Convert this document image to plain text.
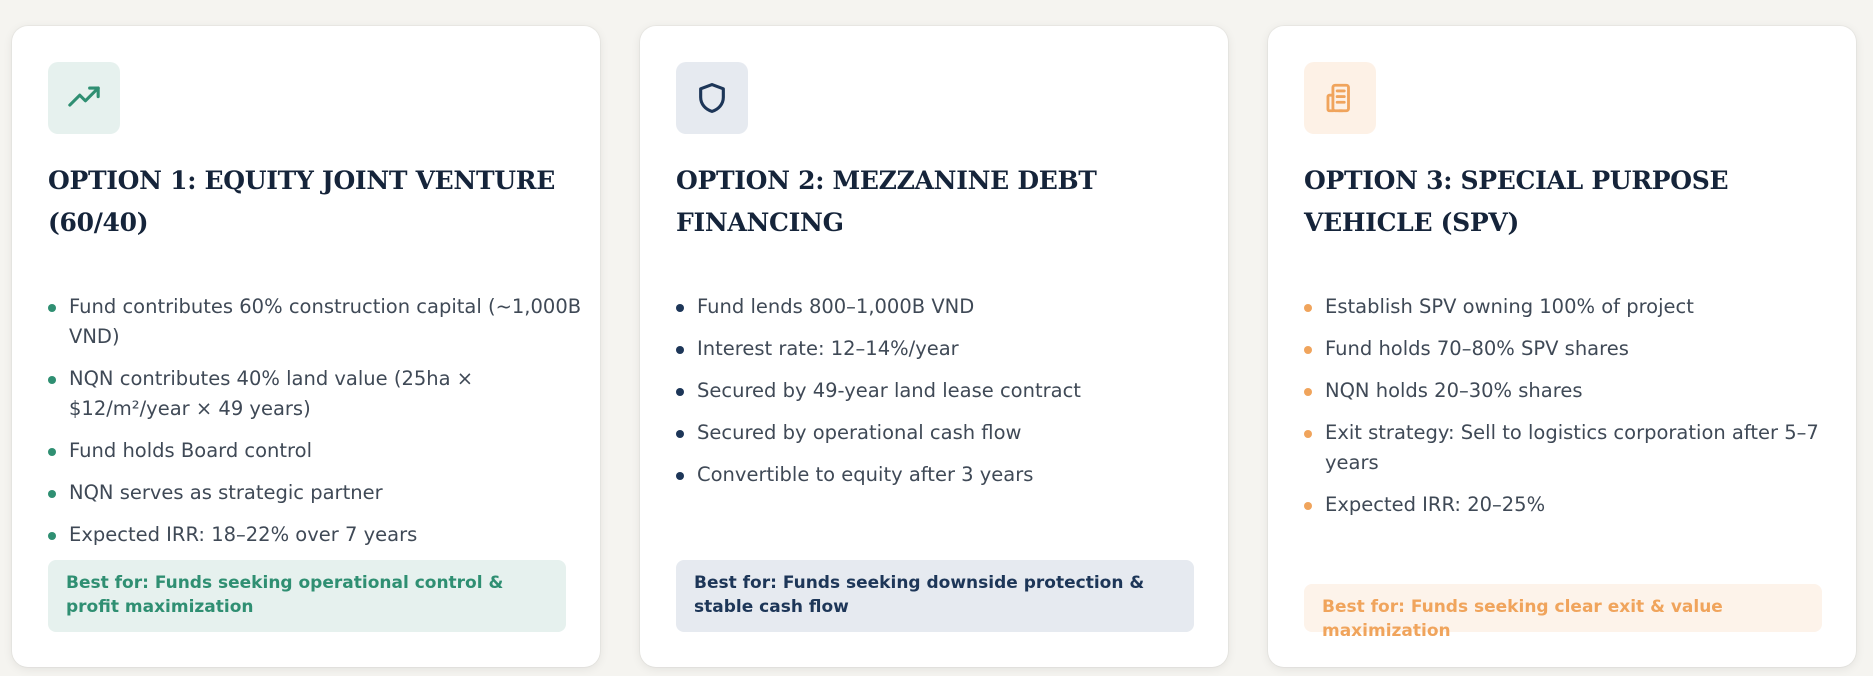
OPTION 1: EQUITY JOINT VENTURE (60/40)
Fund contributes 60% construction capital (~1,000B VND)
NQN contributes 40% land value (25ha × $12/m²/year × 49 years)
Fund holds Board control
NQN serves as strategic partner
Expected IRR: 18–22% over 7 years
Best for: Funds seeking operational control & profit maximization
OPTION 2: MEZZANINE DEBT FINANCING
Fund lends 800–1,000B VND
Interest rate: 12–14%/year
Secured by 49-year land lease contract
Secured by operational cash flow
Convertible to equity after 3 years
Best for: Funds seeking downside protection & stable cash flow
OPTION 3: SPECIAL PURPOSE VEHICLE (SPV)
Establish SPV owning 100% of project
Fund holds 70–80% SPV shares
NQN holds 20–30% shares
Exit strategy: Sell to logistics corporation after 5–7 years
Expected IRR: 20–25%
Best for: Funds seeking clear exit & value maximization
